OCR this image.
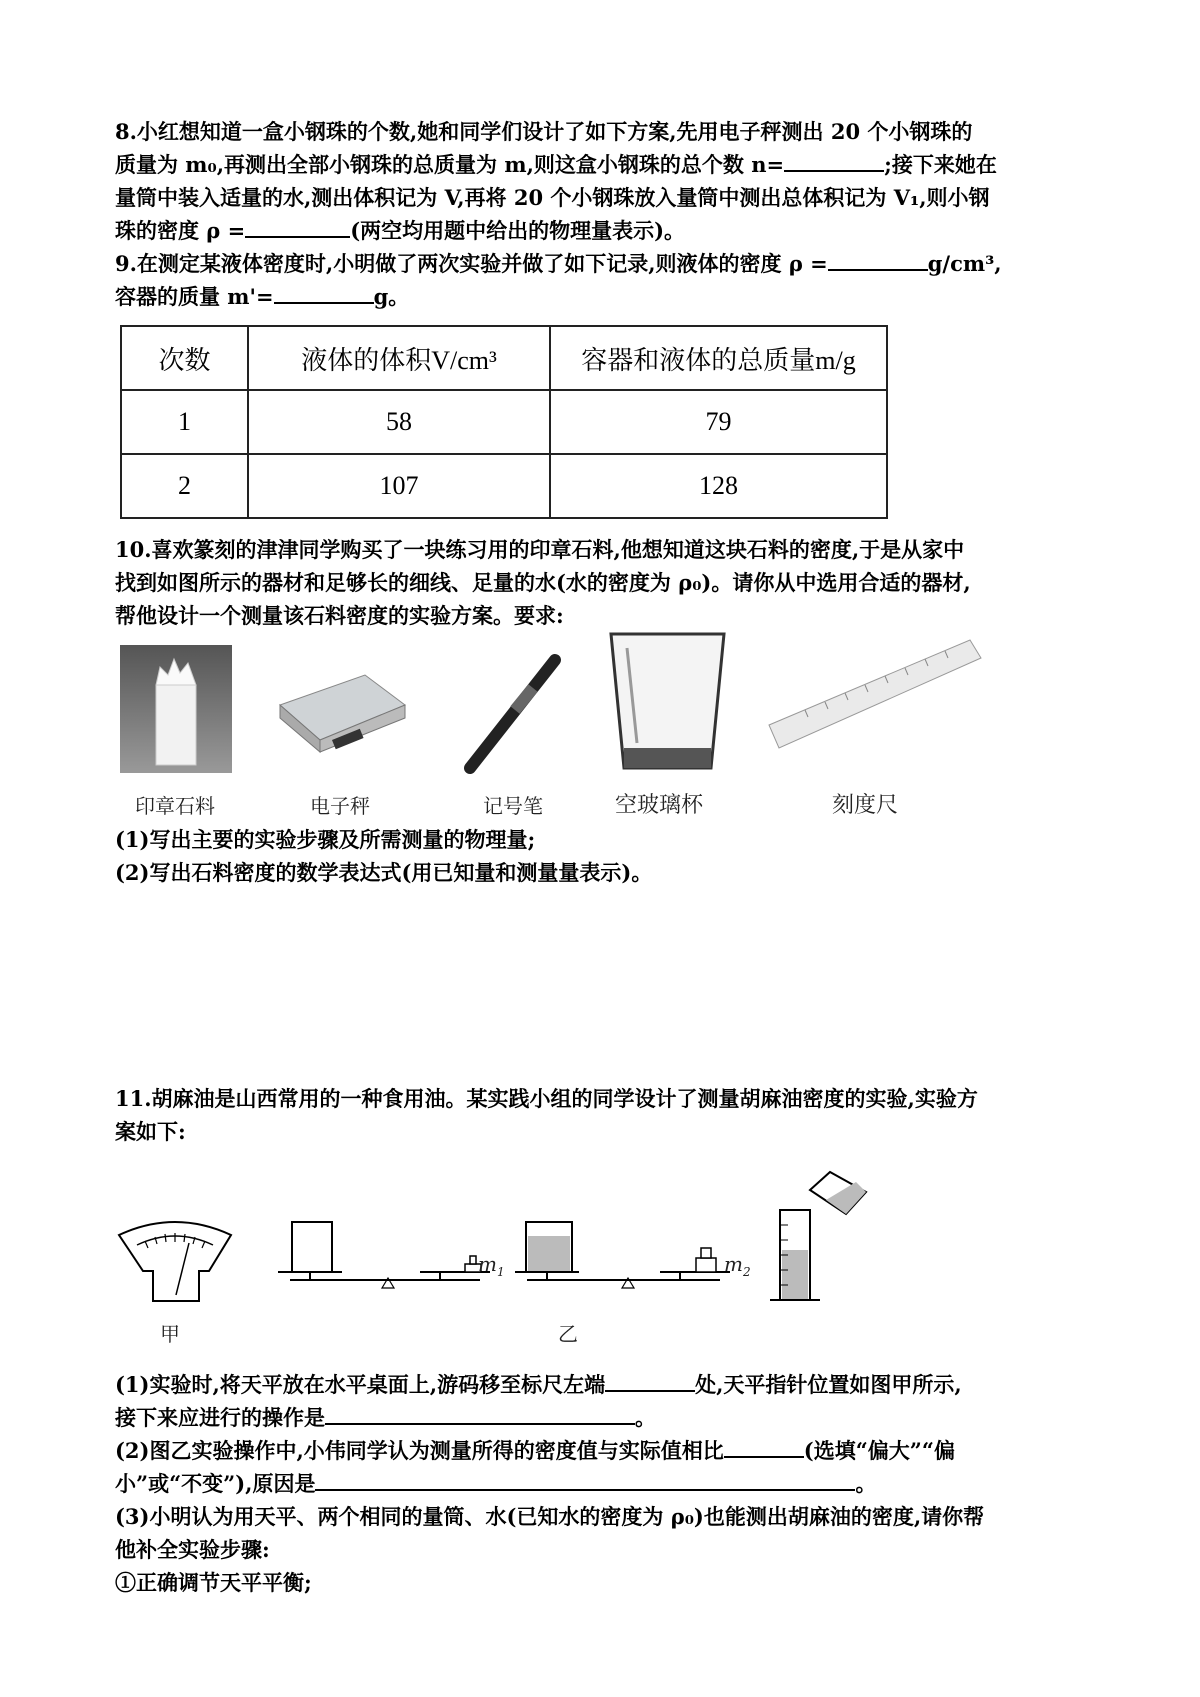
8.小红想知道一盒小钢珠的个数,她和同学们设计了如下方案,先用电子秤测出 20 个小钢珠的

质量为 m₀,再测出全部小钢珠的总质量为 m,则这盒小钢珠的总个数 n=	;接下来她在

量筒中装入适量的水,测出体积记为 V,再将 20 个小钢珠放入量筒中测出总体积记为 V₁,则小钢

珠的密度 ρ =	(两空均用题中给出的物理量表示)。

9.在测定某液体密度时,小明做了两次实验并做了如下记录,则液体的密度 ρ =	g/cm³,

容器的质量 m'=	g。

次数	液体的体积V/cm³	容器和液体的总质量m/g
1	58	79
2	107	128

10.喜欢篆刻的津津同学购买了一块练习用的印章石料,他想知道这块石料的密度,于是从家中

找到如图所示的器材和足够长的细线、足量的水(水的密度为 ρ₀)。请你从中选用合适的器材,

帮他设计一个测量该石料密度的实验方案。要求:

印章石料	电子秤	记号笔	空玻璃杯	刻度尺

(1)写出主要的实验步骤及所需测量的物理量;

(2)写出石料密度的数学表达式(用已知量和测量量表示)。

11.胡麻油是山西常用的一种食用油。某实践小组的同学设计了测量胡麻油密度的实验,实验方

案如下:

甲
$m_1$	$m_2$
乙

(1)实验时,将天平放在水平桌面上,游码移至标尺左端	处,天平指针位置如图甲所示,

接下来应进行的操作是	。

(2)图乙实验操作中,小伟同学认为测量所得的密度值与实际值相比	(选填“偏大”“偏

小”或“不变”),原因是	。

(3)小明认为用天平、两个相同的量筒、水(已知水的密度为 ρ₀)也能测出胡麻油的密度,请你帮

他补全实验步骤:

①正确调节天平平衡;
